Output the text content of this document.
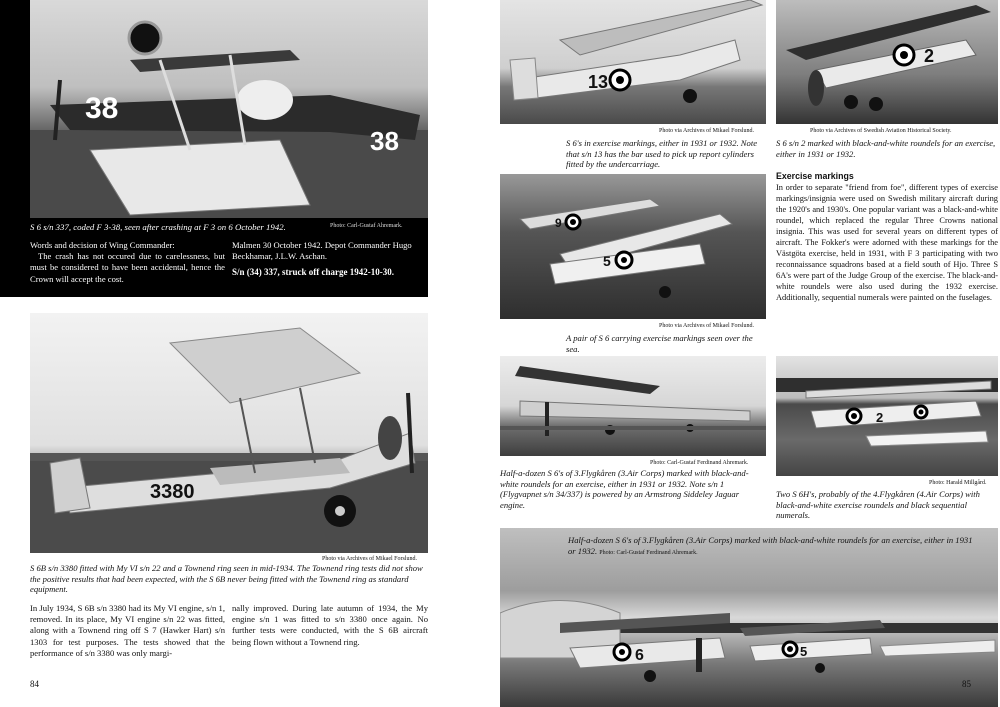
38
38
Photo: Carl-Gustaf Ahremark.
S 6 s/n 337, coded F 3-38, seen after crashing at F 3 on 6 October 1942.
Words and decision of Wing Commander:
The crash has not occured due to carelessness, but must be considered to have been accidental, hence the Crown will accept the cost.
Malmen 30 October 1942. Depot Commander Hugo Beckhamar, J.L.W. Aschan.
S/n (34) 337, struck off charge 1942-10-30.
3380
Photo via Archives of Mikael Forslund.
S 6B s/n 3380 fitted with My VI s/n 22 and a Townend ring seen in mid-1934. The Townend ring tests did not show the positive results that had been expected, with the S 6B never being fitted with the Townend ring as standard equipment.
In July 1934, S 6B s/n 3380 had its My VI engine, s/n 1, removed. In its place, My VI engine s/n 22 was fitted, along with a Townend ring off S 7 (Hawker Hart) s/n 1303 for test purposes. The tests showed that the performance of s/n 3380 was only margi-
nally improved. During late autumn of 1934, the My engine s/n 1 was fitted to s/n 3380 once again. No further tests were conducted, with the S 6B aircraft being flown without a Townend ring.
84
13
Photo via Archives of Mikael Forslund.
S 6's in exercise markings, either in 1931 or 1932. Note that s/n 13 has the bar used to pick up report cylinders fitted by the undercarriage.
2
Photo via Archives of Swedish Aviation Historical Society.
S 6 s/n 2 marked with black-and-white roundels for an exercise, either in 1931 or 1932.
9
5
Photo via Archives of Mikael Forslund.
A pair of S 6 carrying exercise markings seen over the sea.
Exercise markings
In order to separate "friend from foe", different types of exercise markings/insignia were used on Swedish military aircraft during the 1920's and 1930's. One popular variant was a black-and-white roundel, which replaced the regular Three Crowns national insignia. This was used for several years on different types of aircraft. The Fokker's were adorned with these markings for the Västgöta exercise, held in 1931, with F 3 participating with two reconnaissance squadrons based at a field south of Hjo. Three S 6A's were part of the Judge Group of the exercise. The black-and-white roundels were also used during the 1932 exercise. Additionally, sequential numerals were painted on the fuselages.
Photo: Carl-Gustaf Ferdinand Ahremark.
Half-a-dozen S 6's of 3.Flygkåren (3.Air Corps) marked with black-and-white roundels for an exercise, either in 1931 or 1932. Note s/n 1 (Flygvapnet s/n 34/337) is powered by an Armstrong Siddeley Jaguar engine.
2
Photo: Harald Millgård.
Two S 6H's, probably of the 4.Flygkåren (4.Air Corps) with black-and-white exercise roundels and black sequential numerals.
6	5
Half-a-dozen S 6's of 3.Flygkåren (3.Air Corps) marked with black-and-white roundels for an exercise, either in 1931 or 1932. Photo: Carl-Gustaf Ferdinand Ahremark.
85
